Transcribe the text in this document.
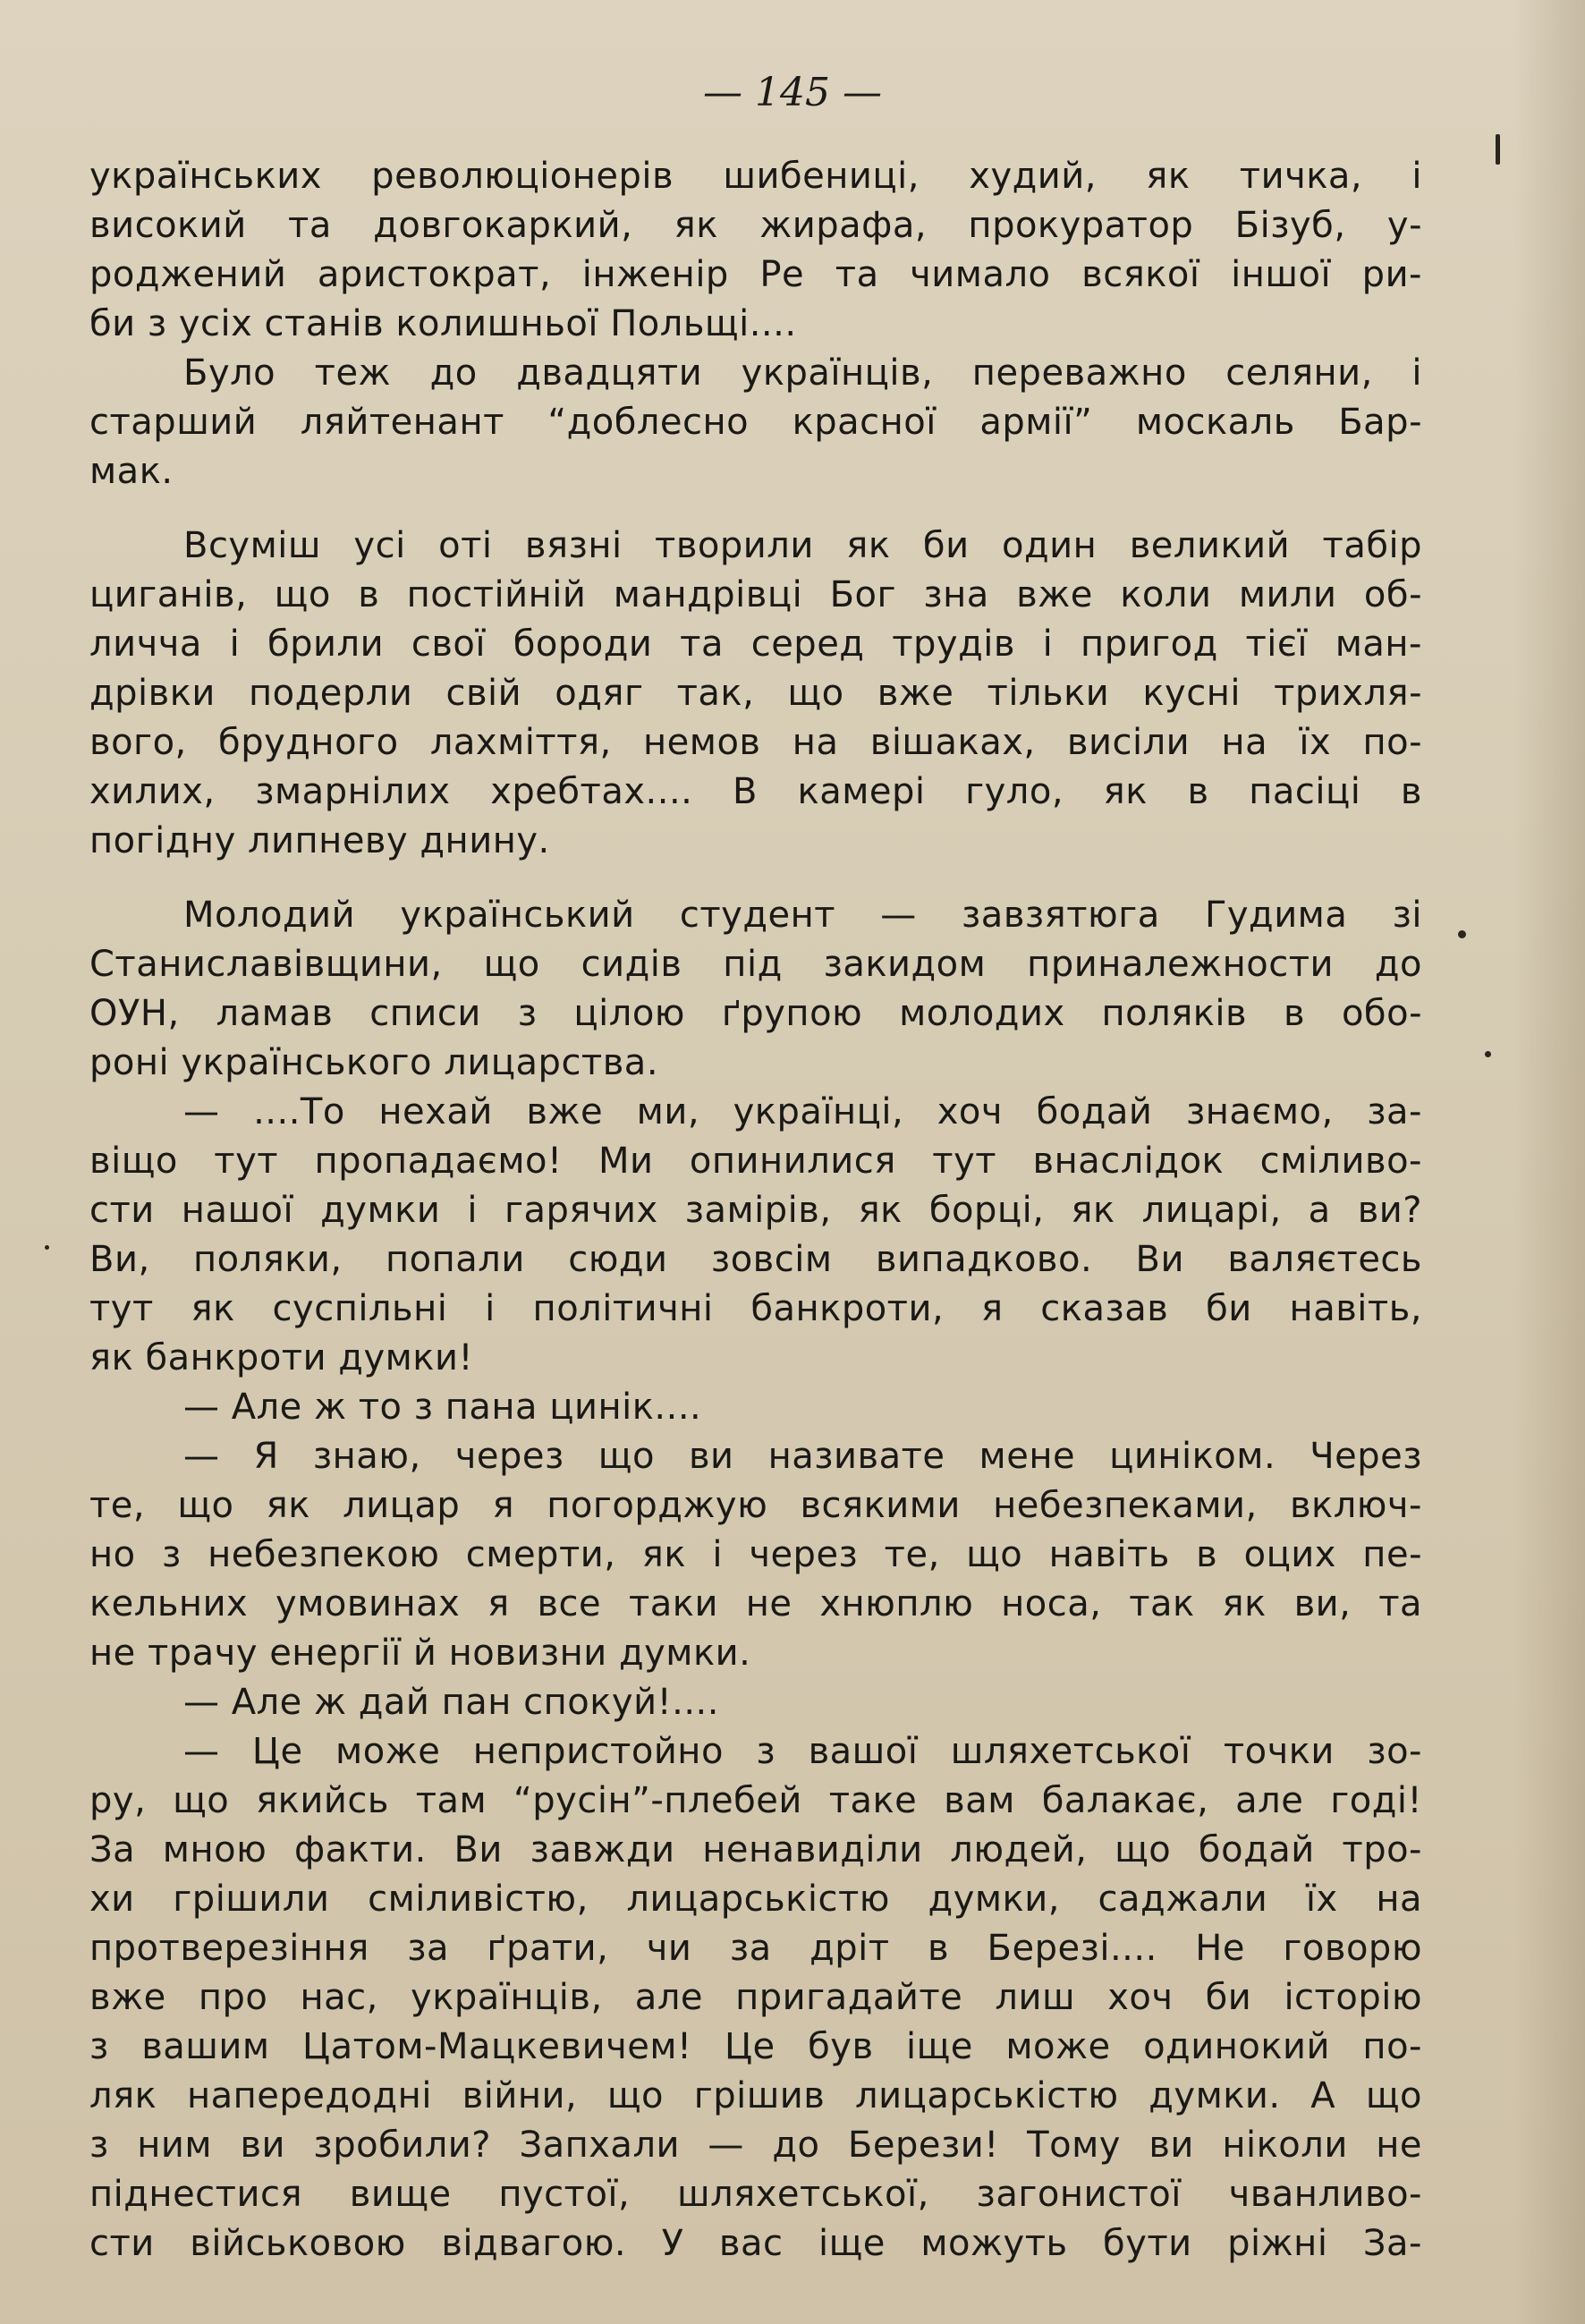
— 145 —
українських революціонерів шибениці, худий, як тичка, і
високий та довгокаркий, як жирафа, прокуратор Бізуб, у-
роджений аристократ, інженір Ре та чимало всякої іншої ри-
би з усіх станів колишньої Польщі....
Було теж до двадцяти українців, переважно селяни, і
старший ляйтенант “доблесно красної армії” москаль Бар-
мак.
Всуміш усі оті вязні творили як би один великий табір
циганів, що в постійній мандрівці Бог зна вже коли мили об-
личча і брили свої бороди та серед трудів і пригод тієї ман-
дрівки подерли свій одяг так, що вже тільки кусні трихля-
вого, брудного лахміття, немов на вішаках, висіли на їх по-
хилих, змарнілих хребтах.... В камері гуло, як в пасіці в
погідну липневу днину.
Молодий український студент — завзятюга Гудима зі
Станиславівщини, що сидів під закидом приналежности до
ОУН, ламав списи з цілою ґрупою молодих поляків в обо-
роні українського лицарства.
— ....То нехай вже ми, українці, хоч бодай знаємо, за-
віщо тут пропадаємо! Ми опинилися тут внаслідок сміливо-
сти нашої думки і гарячих замірів, як борці, як лицарі, а ви?
Ви, поляки, попали сюди зовсім випадково. Ви валяєтесь
тут як суспільні і політичні банкроти, я сказав би навіть,
як банкроти думки!
— Але ж то з пана цинік....
— Я знаю, через що ви називате мене циніком. Через
те, що як лицар я погорджую всякими небезпеками, включ-
но з небезпекою смерти, як і через те, що навіть в оцих пе-
кельних умовинах я все таки не хнюплю носа, так як ви, та
не трачу енергії й новизни думки.
— Але ж дай пан спокуй!....
— Це може непристойно з вашої шляхетської точки зо-
ру, що якийсь там “русін”-плебей таке вам балакає, але годі!
За мною факти. Ви завжди ненавиділи людей, що бодай тро-
хи грішили сміливістю, лицарськістю думки, саджали їх на
протверезіння за ґрати, чи за дріт в Березі.... Не говорю
вже про нас, українців, але пригадайте лиш хоч би історію
з вашим Цатом-Мацкевичем! Це був іще може одинокий по-
ляк напередодні війни, що грішив лицарськістю думки. А що
з ним ви зробили? Запхали — до Берези! Тому ви ніколи не
піднестися вище пустої, шляхетської, загонистої чванливо-
сти військовою відвагою. У вас іще можуть бути ріжні За-
